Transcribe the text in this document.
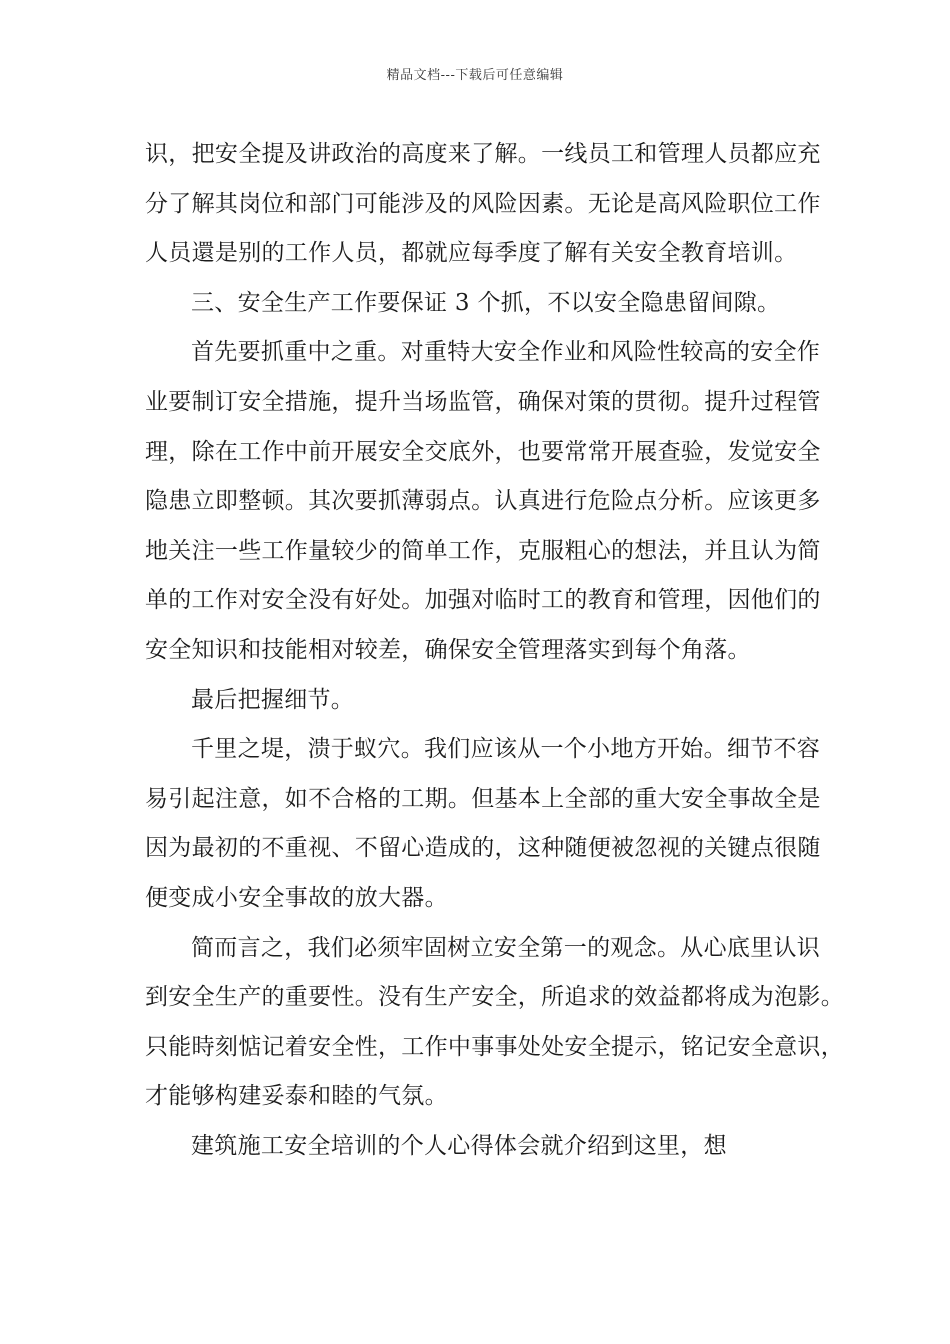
精品文档---下载后可任意编辑
识，把安全提及讲政治的高度来了解。一线员工和管理人员都应充
分了解其岗位和部门可能涉及的风险因素。无论是高风险职位工作
人员還是别的工作人员，都就应每季度了解有关安全教育培训。
三、安全生产工作要保证 3 个抓，不以安全隐患留间隙。
首先要抓重中之重。对重特大安全作业和风险性较高的安全作
业要制订安全措施，提升当场监管，确保对策的贯彻。提升过程管
理，除在工作中前开展安全交底外，也要常常开展查验，发觉安全
隐患立即整顿。其次要抓薄弱点。认真进行危险点分析。应该更多
地关注一些工作量较少的简单工作，克服粗心的想法，并且认为简
单的工作对安全没有好处。加强对临时工的教育和管理，因他们的
安全知识和技能相对较差，确保安全管理落实到每个角落。
最后把握细节。
千里之堤，溃于蚁穴。我们应该从一个小地方开始。细节不容
易引起注意，如不合格的工期。但基本上全部的重大安全事故全是
因为最初的不重视、不留心造成的，这种随便被忽视的关键点很随
便变成小安全事故的放大器。
简而言之，我们必须牢固树立安全第一的观念。从心底里认识
到安全生产的重要性。没有生产安全，所追求的效益都将成为泡影。
只能時刻惦记着安全性，工作中事事处处安全提示，铭记安全意识，
才能够构建妥泰和睦的气氛。
建筑施工安全培训的个人心得体会就介绍到这里，想
